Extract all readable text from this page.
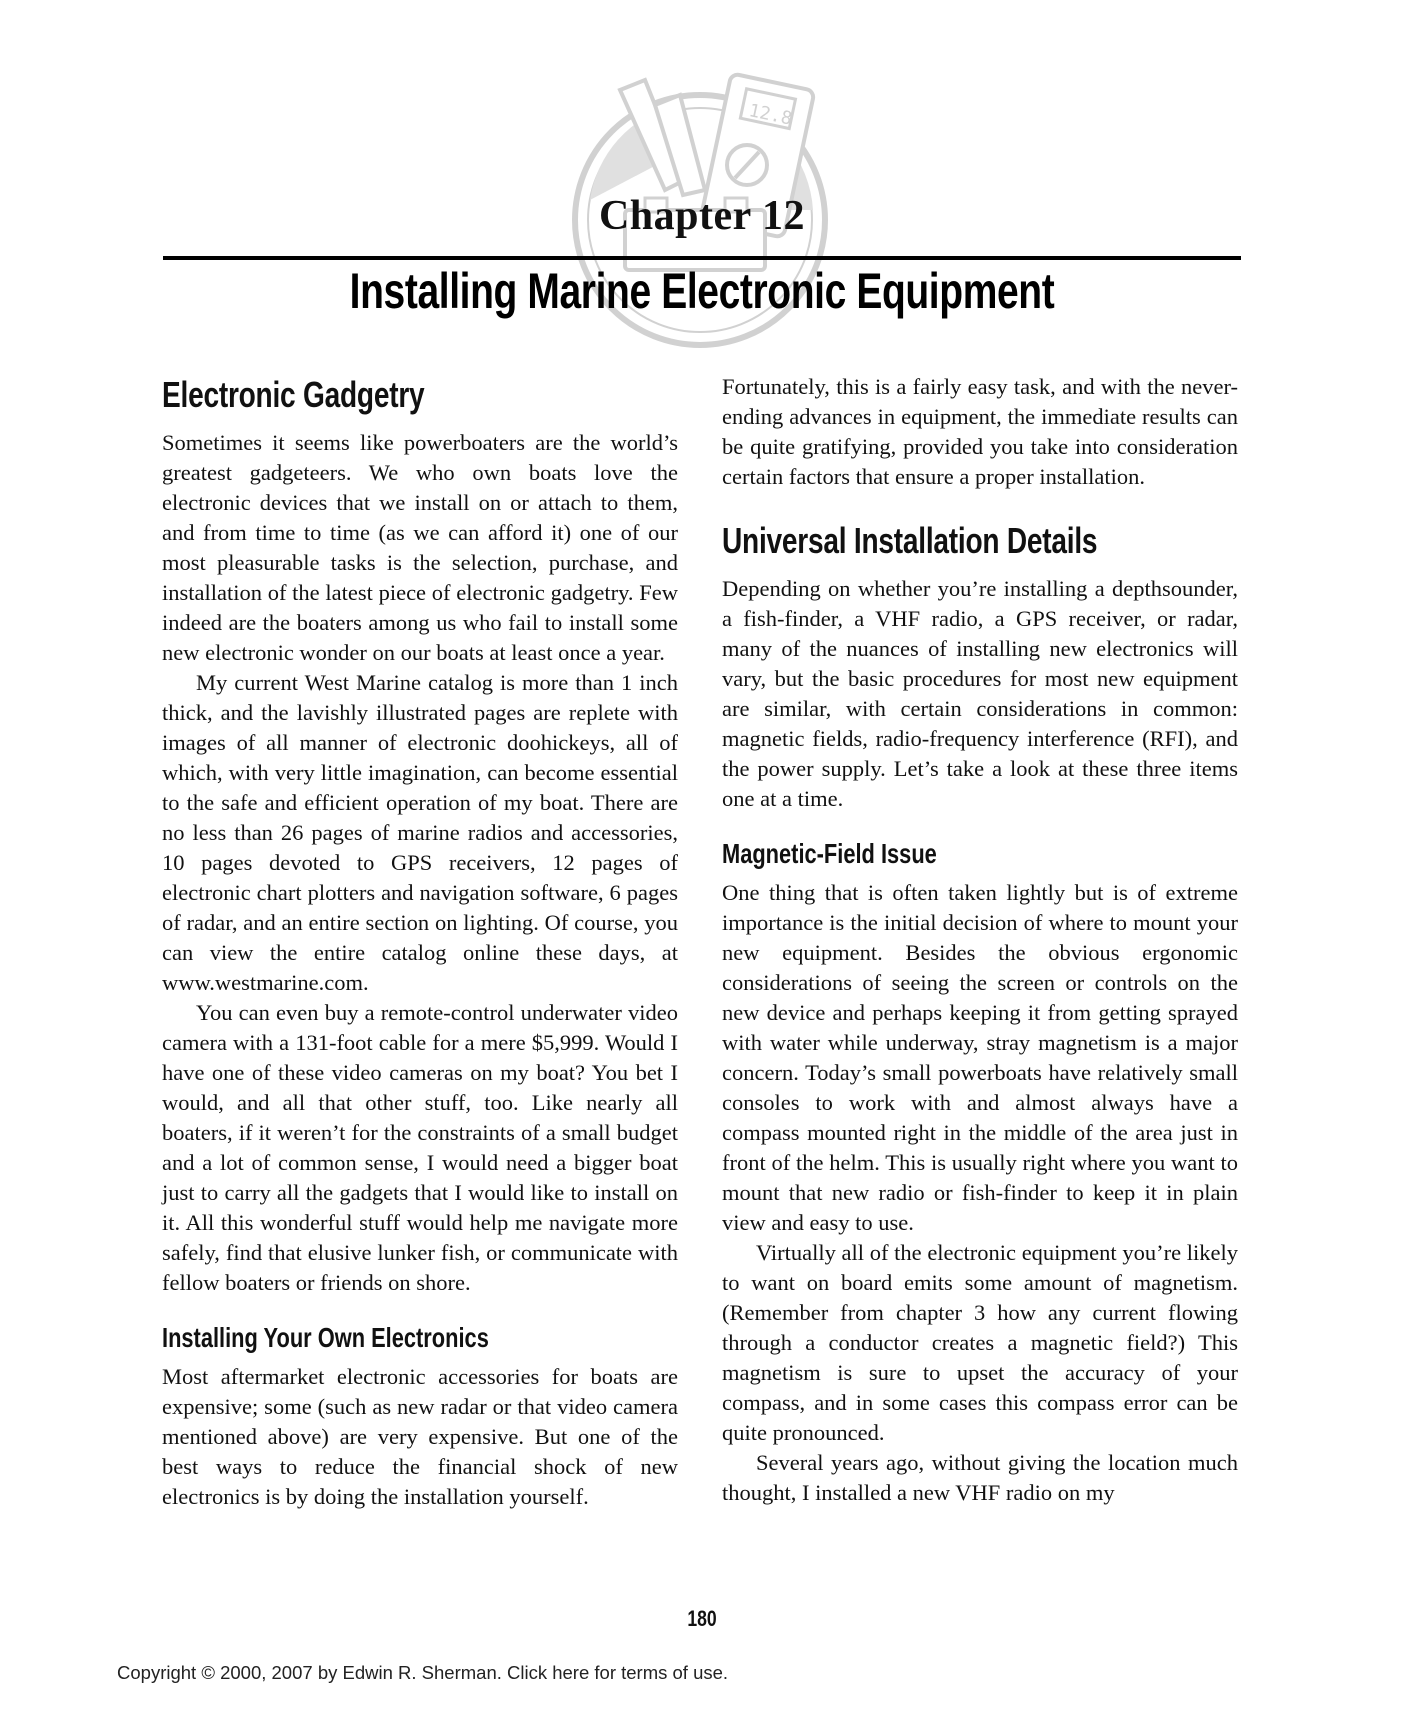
12.8
Chapter 12
Installing Marine Electronic Equipment
Electronic Gadgetry

Sometimes it seems like powerboaters are the world’s greatest gadgeteers. We who own boats love the electronic devices that we install on or attach to them, and from time to time (as we can afford it) one of our most pleasurable tasks is the selection, purchase, and installation of the latest piece of electronic gadgetry. Few indeed are the boaters among us who fail to install some new electronic wonder on our boats at least once a year.

My current West Marine catalog is more than 1 inch thick, and the lavishly illustrated pages are replete with images of all manner of electronic doohickeys, all of which, with very little imagination, can become essential to the safe and efficient operation of my boat. There are no less than 26 pages of marine radios and accessories, 10 pages devoted to GPS receivers, 12 pages of electronic chart plotters and navigation software, 6 pages of radar, and an entire section on lighting. Of course, you can view the entire catalog online these days, at www.westmarine.com.

You can even buy a remote-control underwater video camera with a 131-foot cable for a mere $5,999. Would I have one of these video cameras on my boat? You bet I would, and all that other stuff, too. Like nearly all boaters, if it weren’t for the constraints of a small budget and a lot of common sense, I would need a bigger boat just to carry all the gadgets that I would like to install on it. All this wonderful stuff would help me navigate more safely, find that elusive lunker fish, or communicate with fellow boaters or friends on shore.

Installing Your Own Electronics

Most aftermarket electronic accessories for boats are expensive; some (such as new radar or that video camera mentioned above) are very expensive. But one of the best ways to reduce the financial shock of new electronics is by doing the installation yourself.

Fortunately, this is a fairly easy task, and with the never-ending advances in equipment, the immediate results can be quite gratifying, provided you take into consideration certain factors that ensure a proper installation.

Universal Installation Details

Depending on whether you’re installing a depthsounder, a fish-finder, a VHF radio, a GPS receiver, or radar, many of the nuances of installing new electronics will vary, but the basic procedures for most new equipment are similar, with certain considerations in common: magnetic fields, radio-frequency interference (RFI), and the power supply. Let’s take a look at these three items one at a time.

Magnetic-Field Issue

One thing that is often taken lightly but is of extreme importance is the initial decision of where to mount your new equipment. Besides the obvious ergonomic considerations of seeing the screen or controls on the new device and perhaps keeping it from getting sprayed with water while underway, stray magnetism is a major concern. Today’s small powerboats have relatively small consoles to work with and almost always have a compass mounted right in the middle of the area just in front of the helm. This is usually right where you want to mount that new radio or fish-finder to keep it in plain view and easy to use.

Virtually all of the electronic equipment you’re likely to want on board emits some amount of magnetism. (Remember from chapter 3 how any current flowing through a conductor creates a magnetic field?) This magnetism is sure to upset the accuracy of your compass, and in some cases this compass error can be quite pronounced.

Several years ago, without giving the location much thought, I installed a new VHF radio on my

180
Copyright © 2000, 2007 by Edwin R. Sherman. Click here for terms of use.
